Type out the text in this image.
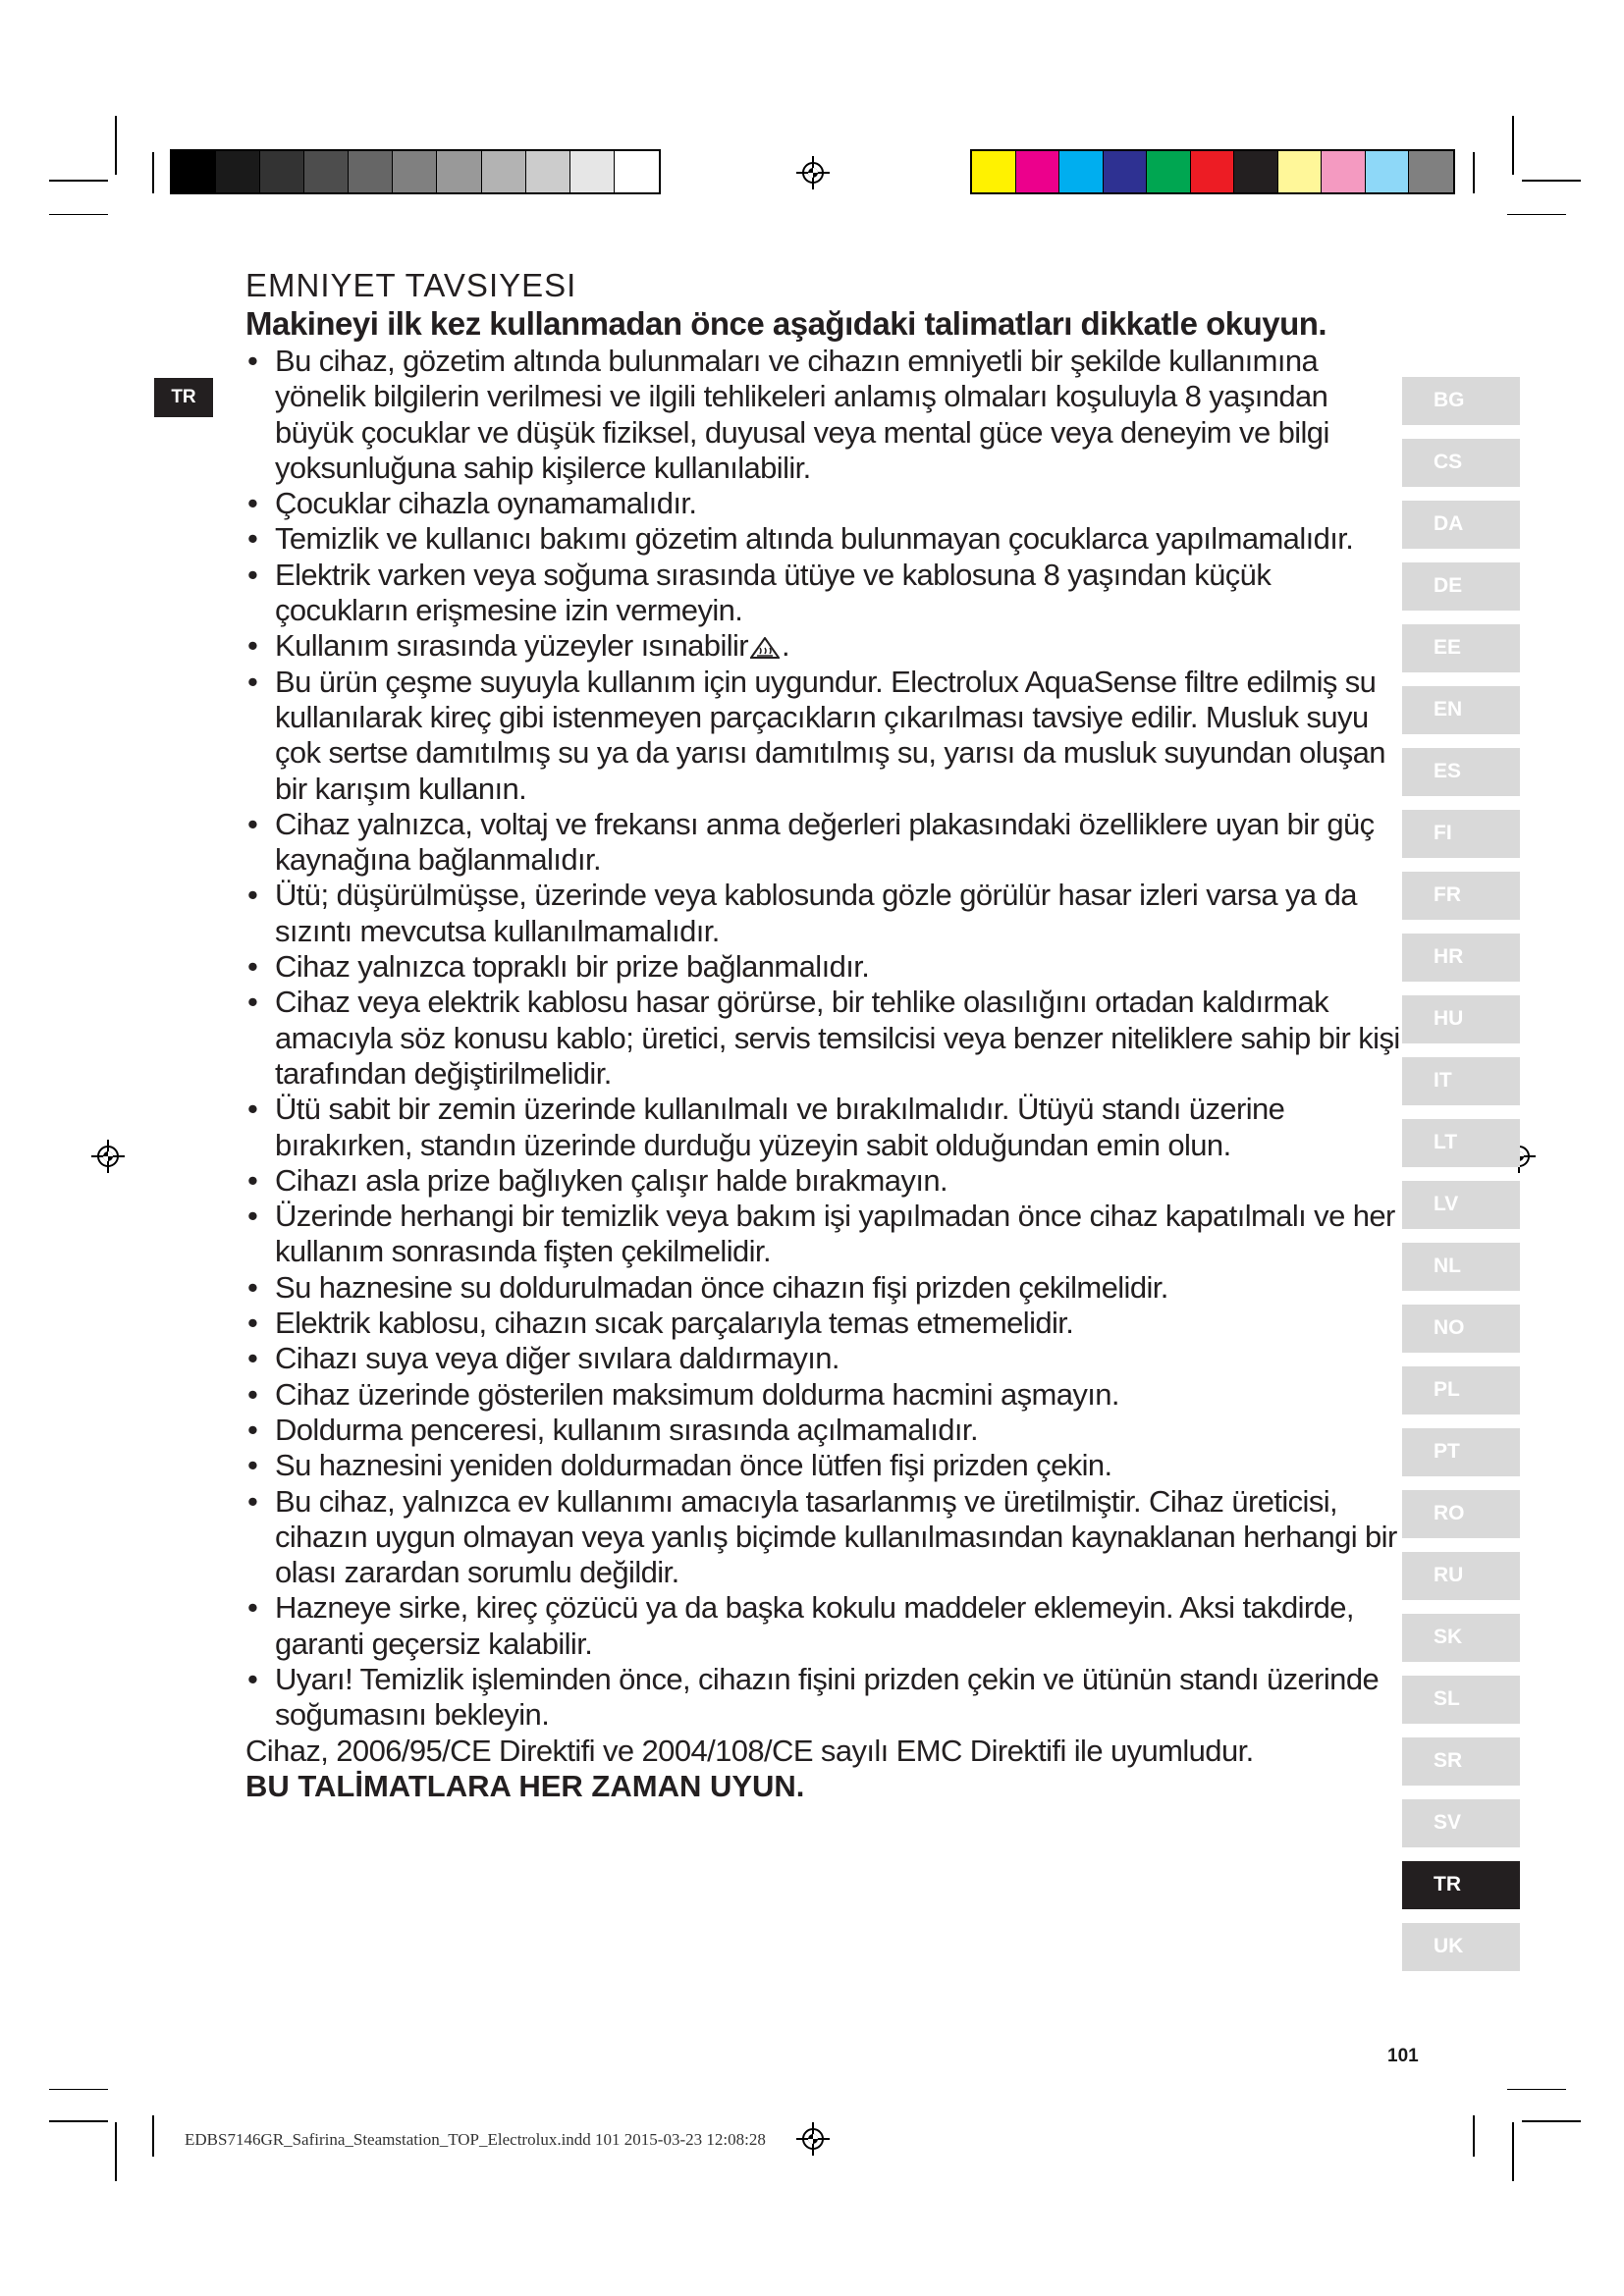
TR
EMNIYET TAVSIYESI
Makineyi ilk kez kullanmadan önce aşağıdaki talimatları dikkatle okuyun.
• Bu cihaz, gözetim altında bulunmaları ve cihazın emniyetli bir şekilde kullanımına yönelik bilgilerin verilmesi ve ilgili tehlikeleri anlamış olmaları koşuluyla 8 yaşından büyük çocuklar ve düşük fiziksel, duyusal veya mental güce veya deneyim ve bilgi yoksunluğuna sahip kişilerce kullanılabilir.
• Çocuklar cihazla oynamamalıdır.
• Temizlik ve kullanıcı bakımı gözetim altında bulunmayan çocuklarca yapılmamalıdır.
• Elektrik varken veya soğuma sırasında ütüye ve kablosuna 8 yaşından küçük çocukların erişmesine izin vermeyin.
• Kullanım sırasında yüzeyler ısınabilir .
• Bu ürün çeşme suyuyla kullanım için uygundur. Electrolux AquaSense filtre edilmiş su kullanılarak kireç gibi istenmeyen parçacıkların çıkarılması tavsiye edilir. Musluk suyu çok sertse damıtılmış su ya da yarısı damıtılmış su, yarısı da musluk suyundan oluşan bir karışım kullanın.
• Cihaz yalnızca, voltaj ve frekansı anma değerleri plakasındaki özelliklere uyan bir güç kaynağına bağlanmalıdır.
• Ütü; düşürülmüşse, üzerinde veya kablosunda gözle görülür hasar izleri varsa ya da sızıntı mevcutsa kullanılmamalıdır.
• Cihaz yalnızca topraklı bir prize bağlanmalıdır.
• Cihaz veya elektrik kablosu hasar görürse, bir tehlike olasılığını ortadan kaldırmak amacıyla söz konusu kablo; üretici, servis temsilcisi veya benzer niteliklere sahip bir kişi tarafından değiştirilmelidir.
• Ütü sabit bir zemin üzerinde kullanılmalı ve bırakılmalıdır. Ütüyü standı üzerine bırakırken, standın üzerinde durduğu yüzeyin sabit olduğundan emin olun.
• Cihazı asla prize bağlıyken çalışır halde bırakmayın.
• Üzerinde herhangi bir temizlik veya bakım işi yapılmadan önce cihaz kapatılmalı ve her kullanım sonrasında fişten çekilmelidir.
• Su haznesine su doldurulmadan önce cihazın fişi prizden çekilmelidir.
• Elektrik kablosu, cihazın sıcak parçalarıyla temas etmemelidir.
• Cihazı suya veya diğer sıvılara daldırmayın.
• Cihaz üzerinde gösterilen maksimum doldurma hacmini aşmayın.
• Doldurma penceresi, kullanım sırasında açılmamalıdır.
• Su haznesini yeniden doldurmadan önce lütfen fişi prizden çekin.
• Bu cihaz, yalnızca ev kullanımı amacıyla tasarlanmış ve üretilmiştir. Cihaz üreticisi, cihazın uygun olmayan veya yanlış biçimde kullanılmasından kaynaklanan herhangi bir olası zarardan sorumlu değildir.
• Hazneye sirke, kireç çözücü ya da başka kokulu maddeler eklemeyin. Aksi takdirde, garanti geçersiz kalabilir.
• Uyarı! Temizlik işleminden önce, cihazın fişini prizden çekin ve ütünün standı üzerinde soğumasını bekleyin.
Cihaz, 2006/95/CE Direktifi ve 2004/108/CE sayılı EMC Direktifi ile uyumludur.
BU TALİMATLARA HER ZAMAN UYUN.
BG
CS
DA
DE
EE
EN
ES
FI
FR
HR
HU
IT
LT
LV
NL
NO
PL
PT
RO
RU
SK
SL
SR
SV
TR
UK
101
EDBS7146GR_Safirina_Steamstation_TOP_Electrolux.indd 101 2015-03-23 12:08:28
